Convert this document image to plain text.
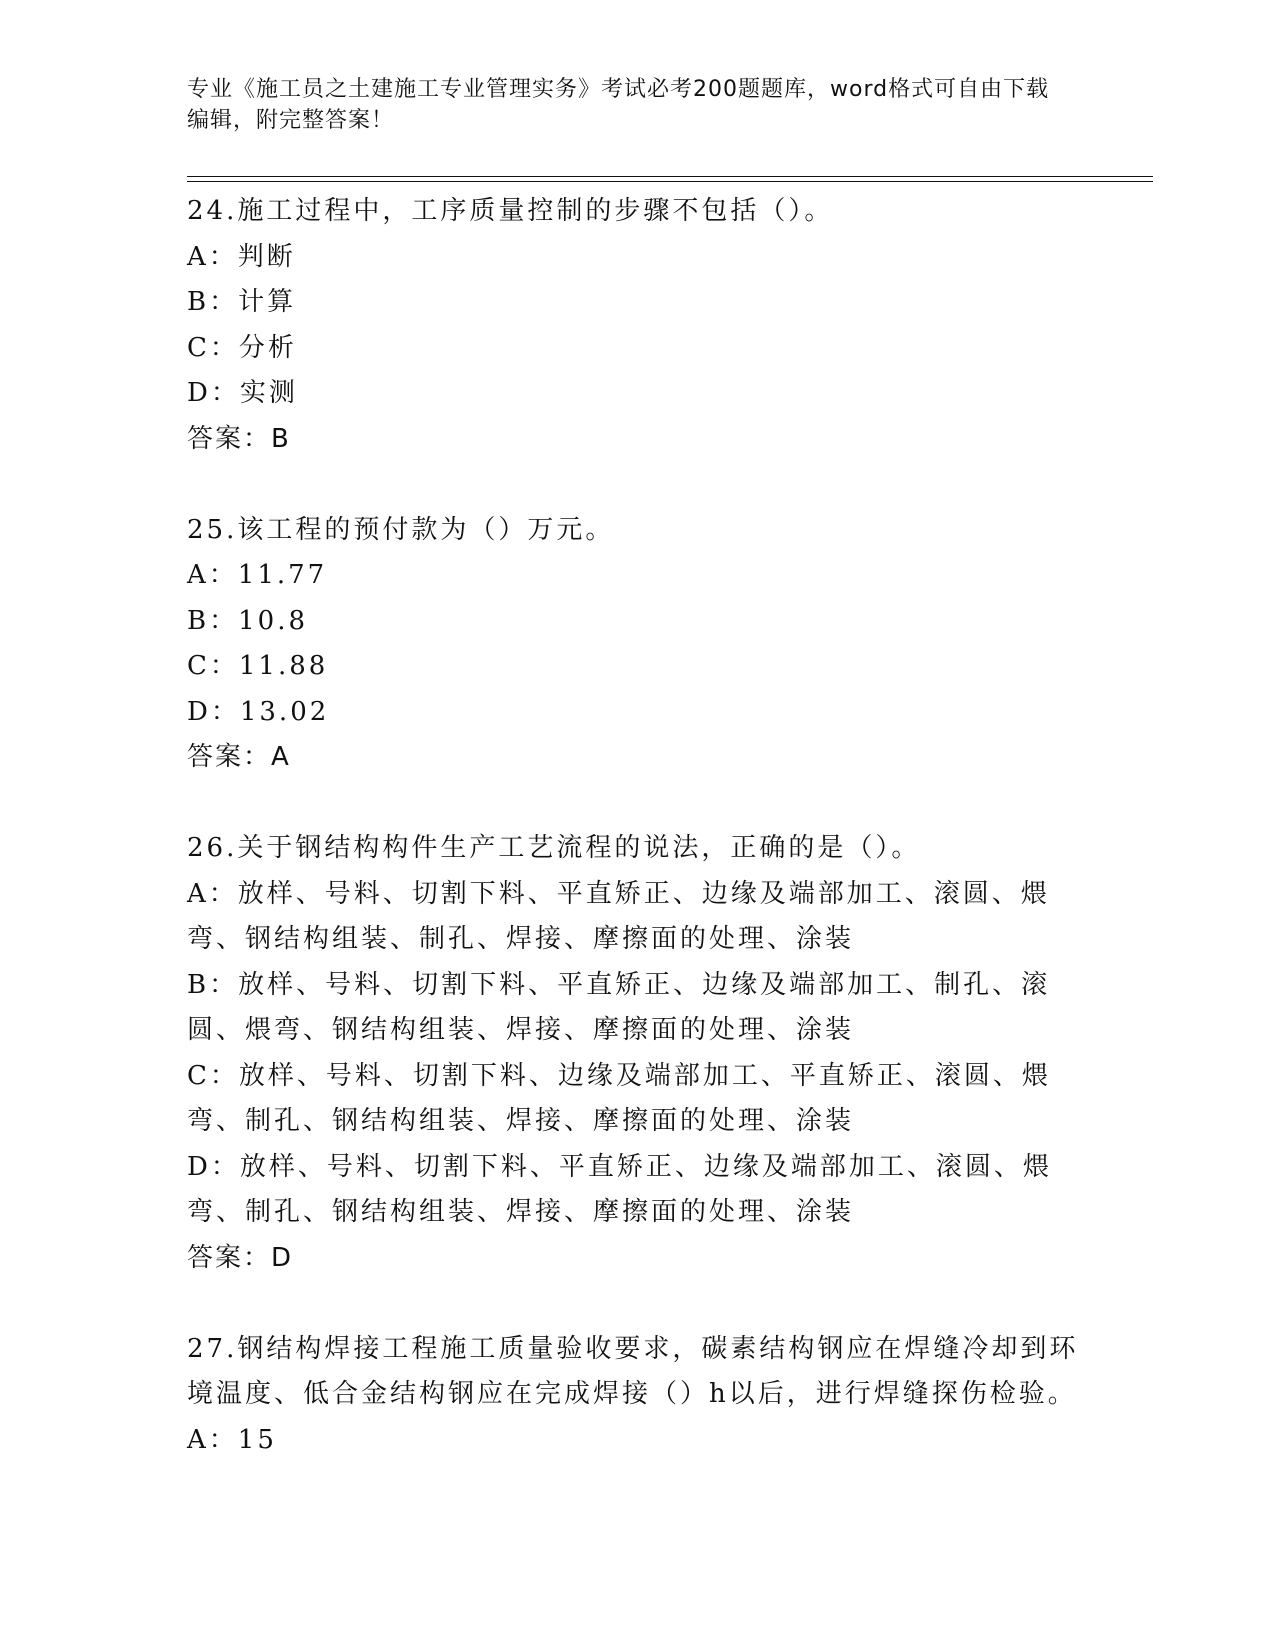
专业《施工员之土建施工专业管理实务》考试必考200题题库，word格式可自由下载编辑，附完整答案！

24.施工过程中，工序质量控制的步骤不包括（）。

A：判断

B：计算

C：分析

D：实测

答案：B

25.该工程的预付款为（）万元。

A：11.77

B：10.8

C：11.88

D：13.02

答案：A

26.关于钢结构构件生产工艺流程的说法，正确的是（）。

A：放样、号料、切割下料、平直矫正、边缘及端部加工、滚圆、煨弯、钢结构组装、制孔、焊接、摩擦面的处理、涂装

B：放样、号料、切割下料、平直矫正、边缘及端部加工、制孔、滚圆、煨弯、钢结构组装、焊接、摩擦面的处理、涂装

C：放样、号料、切割下料、边缘及端部加工、平直矫正、滚圆、煨弯、制孔、钢结构组装、焊接、摩擦面的处理、涂装

D：放样、号料、切割下料、平直矫正、边缘及端部加工、滚圆、煨弯、制孔、钢结构组装、焊接、摩擦面的处理、涂装

答案：D

27.钢结构焊接工程施工质量验收要求，碳素结构钢应在焊缝冷却到环境温度、低合金结构钢应在完成焊接（）h以后，进行焊缝探伤检验。

A：15
